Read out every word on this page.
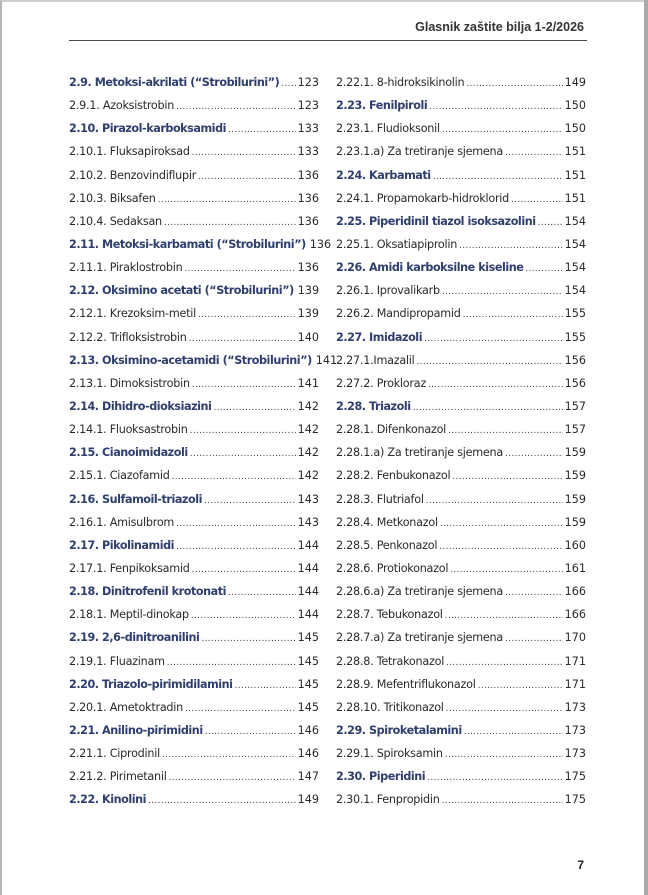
Glasnik zaštite bilja 1-2/2026
2.9. Metoksi-akrilati (“Strobilurini”) ..... 123
2.9.1. Azoksistrobin .....	123
2.10. Pirazol-karboksamidi .....	133
2.10.1. Fluksapiroksad .....	133
2.10.2. Benzovindiflupir .....	136
2.10.3. Biksafen .....	136
2.10.4. Sedaksan .....	136
2.11. Metoksi-karbamati (“Strobilurini”) 136
2.11.1. Piraklostrobin .....	136
2.12. Oksimino acetati (“Strobilurini”) 139
2.12.1. Krezoksim-metil .....	139
2.12.2. Trifloksistrobin .....	140
2.13. Oksimino-acetamidi (“Strobilurini”) 141
2.13.1. Dimoksistrobin .....	141
2.14. Dihidro-dioksiazini .....	142
2.14.1. Fluoksastrobin .....	142
2.15. Cianoimidazoli .....	142
2.15.1. Ciazofamid .....	142
2.16. Sulfamoil-triazoli .....	143
2.16.1. Amisulbrom .....	143
2.17. Pikolinamidi .....	144
2.17.1. Fenpikoksamid .....	144
2.18. Dinitrofenil krotonati .....	144
2.18.1. Meptil-dinokap .....	144
2.19. 2,6-dinitroanilini .....	145
2.19.1. Fluazinam .....	145
2.20. Triazolo-pirimidilamini .....	145
2.20.1. Ametoktradin .....	145
2.21. Anilino-pirimidini .....	146
2.21.1. Ciprodinil .....	146
2.21.2. Pirimetanil .....	147
2.22. Kinolini .....	149
2.22.1. 8-hidroksikinolin .....	149
2.23. Fenilpiroli .....	150
2.23.1. Fludioksonil .....	150
2.23.1.a) Za tretiranje sjemena .....	151
2.24. Karbamati .....	151
2.24.1. Propamokarb-hidroklorid .....	151
2.25. Piperidinil tiazol isoksazolini .....	154
2.25.1. Oksatiapiprolin .....	154
2.26. Amidi karboksilne kiseline .....	154
2.26.1. Iprovalikarb .....	154
2.26.2. Mandipropamid .....	155
2.27. Imidazoli .....	155
2.27.1.Imazalil .....	156
2.27.2. Prokloraz .....	156
2.28. Triazoli .....	157
2.28.1. Difenkonazol .....	157
2.28.1.a) Za tretiranje sjemena .....	159
2.28.2. Fenbukonazol .....	159
2.28.3. Flutriafol .....	159
2.28.4. Metkonazol .....	159
2.28.5. Penkonazol .....	160
2.28.6. Protiokonazol .....	161
2.28.6.a) Za tretiranje sjemena .....	166
2.28.7. Tebukonazol .....	166
2.28.7.a) Za tretiranje sjemena .....	170
2.28.8. Tetrakonazol .....	171
2.28.9. Mefentriflukonazol .....	171
2.28.10. Tritikonazol .....	173
2.29. Spiroketalamini .....	173
2.29.1. Spiroksamin .....	173
2.30. Piperidini .....	175
2.30.1. Fenpropidin .....	175
7
